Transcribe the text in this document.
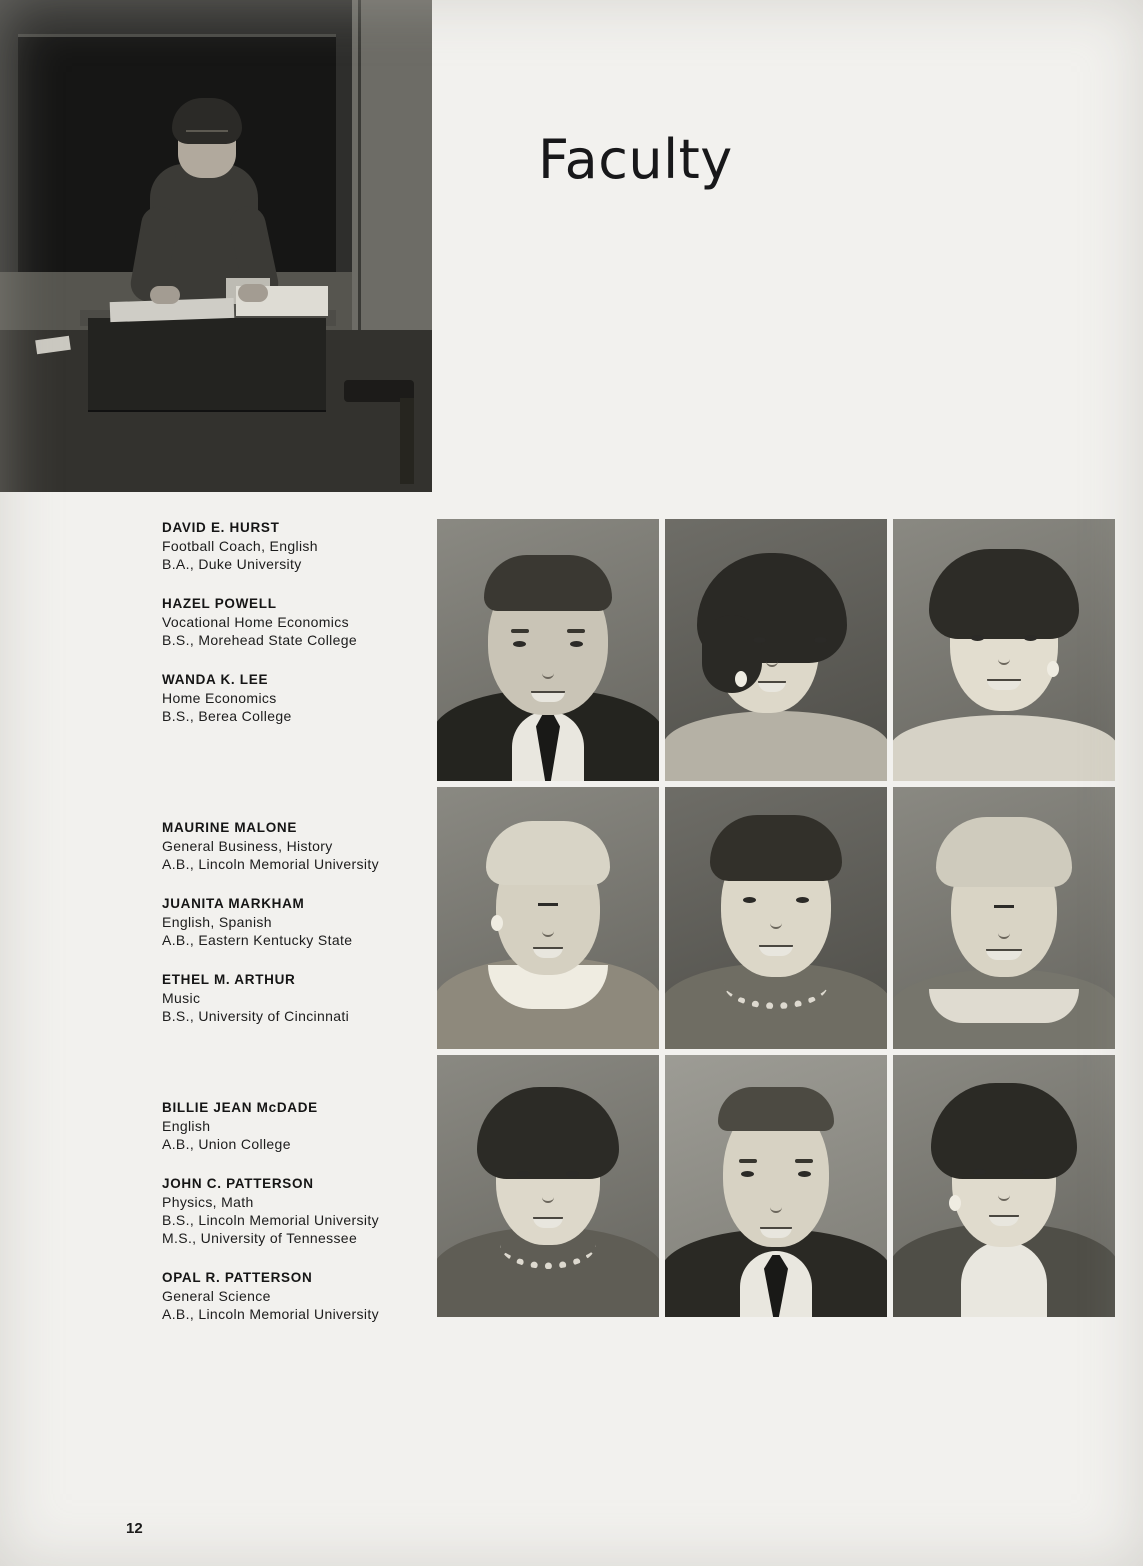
Faculty
DAVID E. HURST
Football Coach, English
B.A., Duke University
HAZEL POWELL
Vocational Home Economics
B.S., Morehead State College
WANDA K. LEE
Home Economics
B.S., Berea College
MAURINE MALONE
General Business, History
A.B., Lincoln Memorial University
JUANITA MARKHAM
English, Spanish
A.B., Eastern Kentucky State
ETHEL M. ARTHUR
Music
B.S., University of Cincinnati
BILLIE JEAN McDADE
English
A.B., Union College
JOHN C. PATTERSON
Physics, Math
B.S., Lincoln Memorial University
M.S., University of Tennessee
OPAL R. PATTERSON
General Science
A.B., Lincoln Memorial University
12
